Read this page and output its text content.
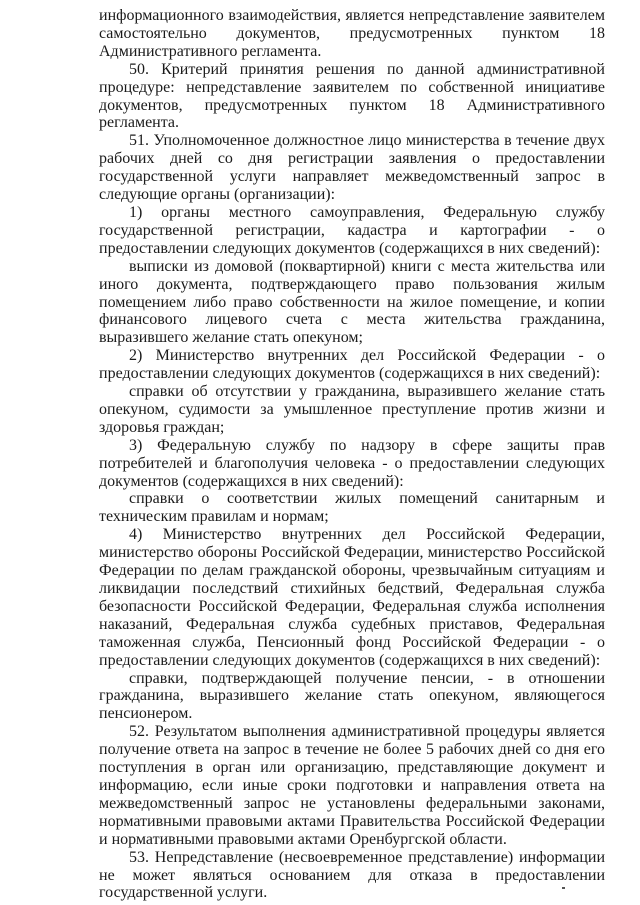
информационного взаимодействия, является непредставление заявителем самостоятельно документов, предусмотренных пунктом 18 Административного регламента.

50. Критерий принятия решения по данной административной процедуре: непредставление заявителем по собственной инициативе документов, предусмотренных пунктом 18 Административного регламента.

51. Уполномоченное должностное лицо министерства в течение двух рабочих дней со дня регистрации заявления о предоставлении государственной услуги направляет межведомственный запрос в следующие органы (организации):

1) органы местного самоуправления, Федеральную службу государственной регистрации, кадастра и картографии - о предоставлении следующих документов (содержащихся в них сведений):

выписки из домовой (поквартирной) книги с места жительства или иного документа, подтверждающего право пользования жилым помещением либо право собственности на жилое помещение, и копии финансового лицевого счета с места жительства гражданина, выразившего желание стать опекуном;

2) Министерство внутренних дел Российской Федерации - о предоставлении следующих документов (содержащихся в них сведений):

справки об отсутствии у гражданина, выразившего желание стать опекуном, судимости за умышленное преступление против жизни и здоровья граждан;

3) Федеральную службу по надзору в сфере защиты прав потребителей и благополучия человека - о предоставлении следующих документов (содержащихся в них сведений):

справки о соответствии жилых помещений санитарным и техническим правилам и нормам;

4) Министерство внутренних дел Российской Федерации, министерство обороны Российской Федерации, министерство Российской Федерации по делам гражданской обороны, чрезвычайным ситуациям и ликвидации последствий стихийных бедствий, Федеральная служба безопасности Российской Федерации, Федеральная служба исполнения наказаний, Федеральная служба судебных приставов, Федеральная таможенная служба, Пенсионный фонд Российской Федерации - о предоставлении следующих документов (содержащихся в них сведений):

справки, подтверждающей получение пенсии, - в отношении гражданина, выразившего желание стать опекуном, являющегося пенсионером.

52. Результатом выполнения административной процедуры является получение ответа на запрос в течение не более 5 рабочих дней со дня его поступления в орган или организацию, представляющие документ и информацию, если иные сроки подготовки и направления ответа на межведомственный запрос не установлены федеральными законами, нормативными правовыми актами Правительства Российской Федерации и нормативными правовыми актами Оренбургской области.

53. Непредставление (несвоевременное представление) информации не может являться основанием для отказа в предоставлении государственной услуги.
